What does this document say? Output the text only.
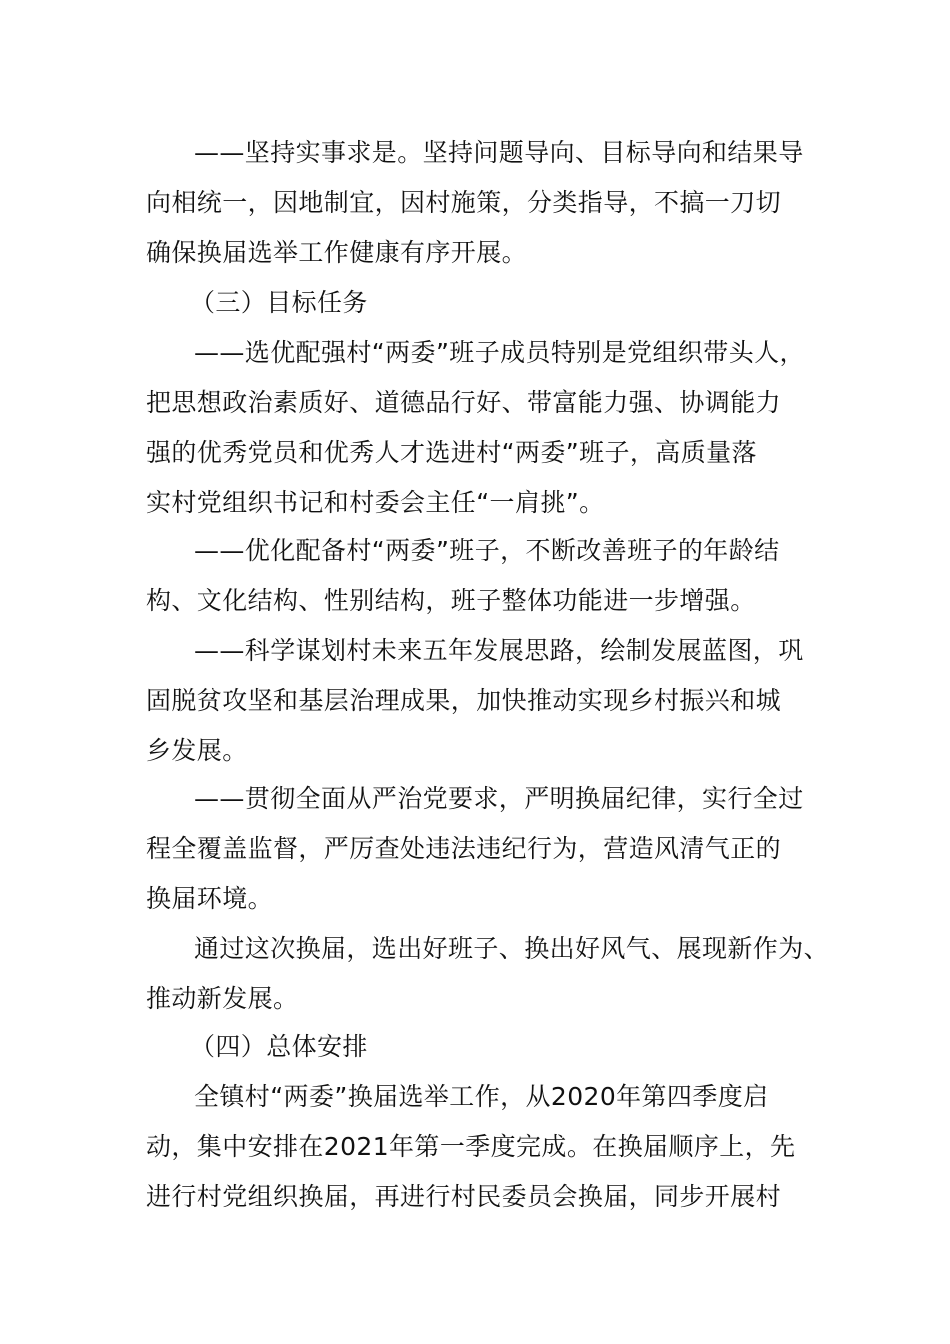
——坚持实事求是。坚持问题导向、目标导向和结果导
向相统一，因地制宜，因村施策，分类指导，不搞一刀切
确保换届选举工作健康有序开展。
（三）目标任务
——选优配强村“两委”班子成员特别是党组织带头人，
把思想政治素质好、道德品行好、带富能力强、协调能力
强的优秀党员和优秀人才选进村“两委”班子，高质量落
实村党组织书记和村委会主任“一肩挑”。
——优化配备村“两委”班子，不断改善班子的年龄结
构、文化结构、性别结构，班子整体功能进一步增强。
——科学谋划村未来五年发展思路，绘制发展蓝图，巩
固脱贫攻坚和基层治理成果，加快推动实现乡村振兴和城
乡发展。
——贯彻全面从严治党要求，严明换届纪律，实行全过
程全覆盖监督，严厉查处违法违纪行为，营造风清气正的
换届环境。
通过这次换届，选出好班子、换出好风气、展现新作为、
推动新发展。
（四）总体安排
全镇村“两委”换届选举工作，从2020年第四季度启
动，集中安排在2021年第一季度完成。在换届顺序上，先
进行村党组织换届，再进行村民委员会换届，同步开展村
